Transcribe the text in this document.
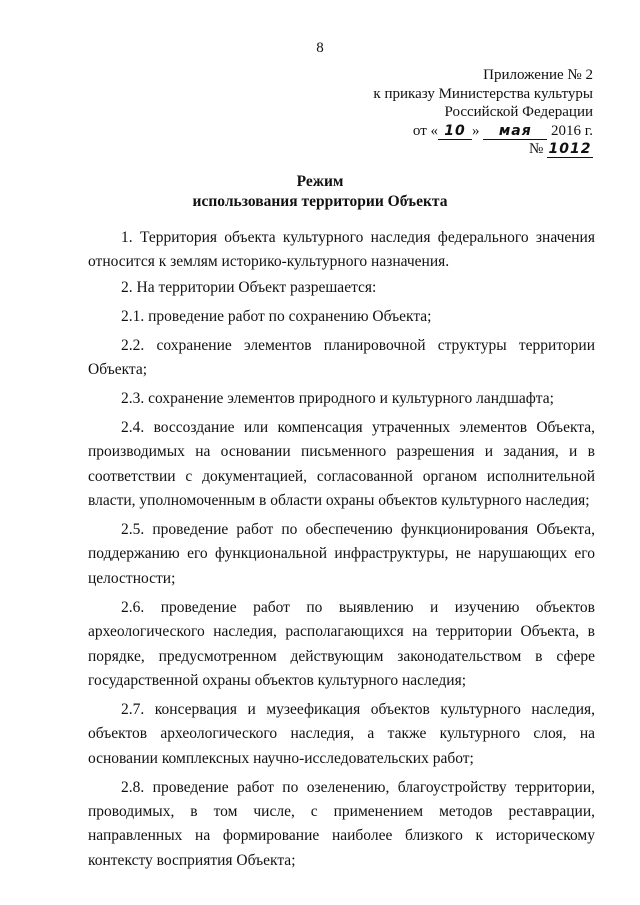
8
Приложение № 2
к приказу Министерства культуры
Российской Федерации
от « 10 » мая 2016 г.
№ 1012
Режим
использования территории Объекта

1. Территория объекта культурного наследия федерального значения относится к землям историко-культурного назначения.

2. На территории Объект разрешается:

2.1. проведение работ по сохранению Объекта;

2.2. сохранение элементов планировочной структуры территории Объекта;

2.3. сохранение элементов природного и культурного ландшафта;

2.4. воссоздание или компенсация утраченных элементов Объекта, производимых на основании письменного разрешения и задания, и в соответствии с документацией, согласованной органом исполнительной власти, уполномоченным в области охраны объектов культурного наследия;

2.5. проведение работ по обеспечению функционирования Объекта, поддержанию его функциональной инфраструктуры, не нарушающих его целостности;

2.6. проведение работ по выявлению и изучению объектов археологического наследия, располагающихся на территории Объекта, в порядке, предусмотренном действующим законодательством в сфере государственной охраны объектов культурного наследия;

2.7. консервация и музеефикация объектов культурного наследия, объектов археологического наследия, а также культурного слоя, на основании комплексных научно-исследовательских работ;

2.8. проведение работ по озеленению, благоустройству территории, проводимых, в том числе, с применением методов реставрации, направленных на формирование наиболее близкого к историческому контексту восприятия Объекта;
